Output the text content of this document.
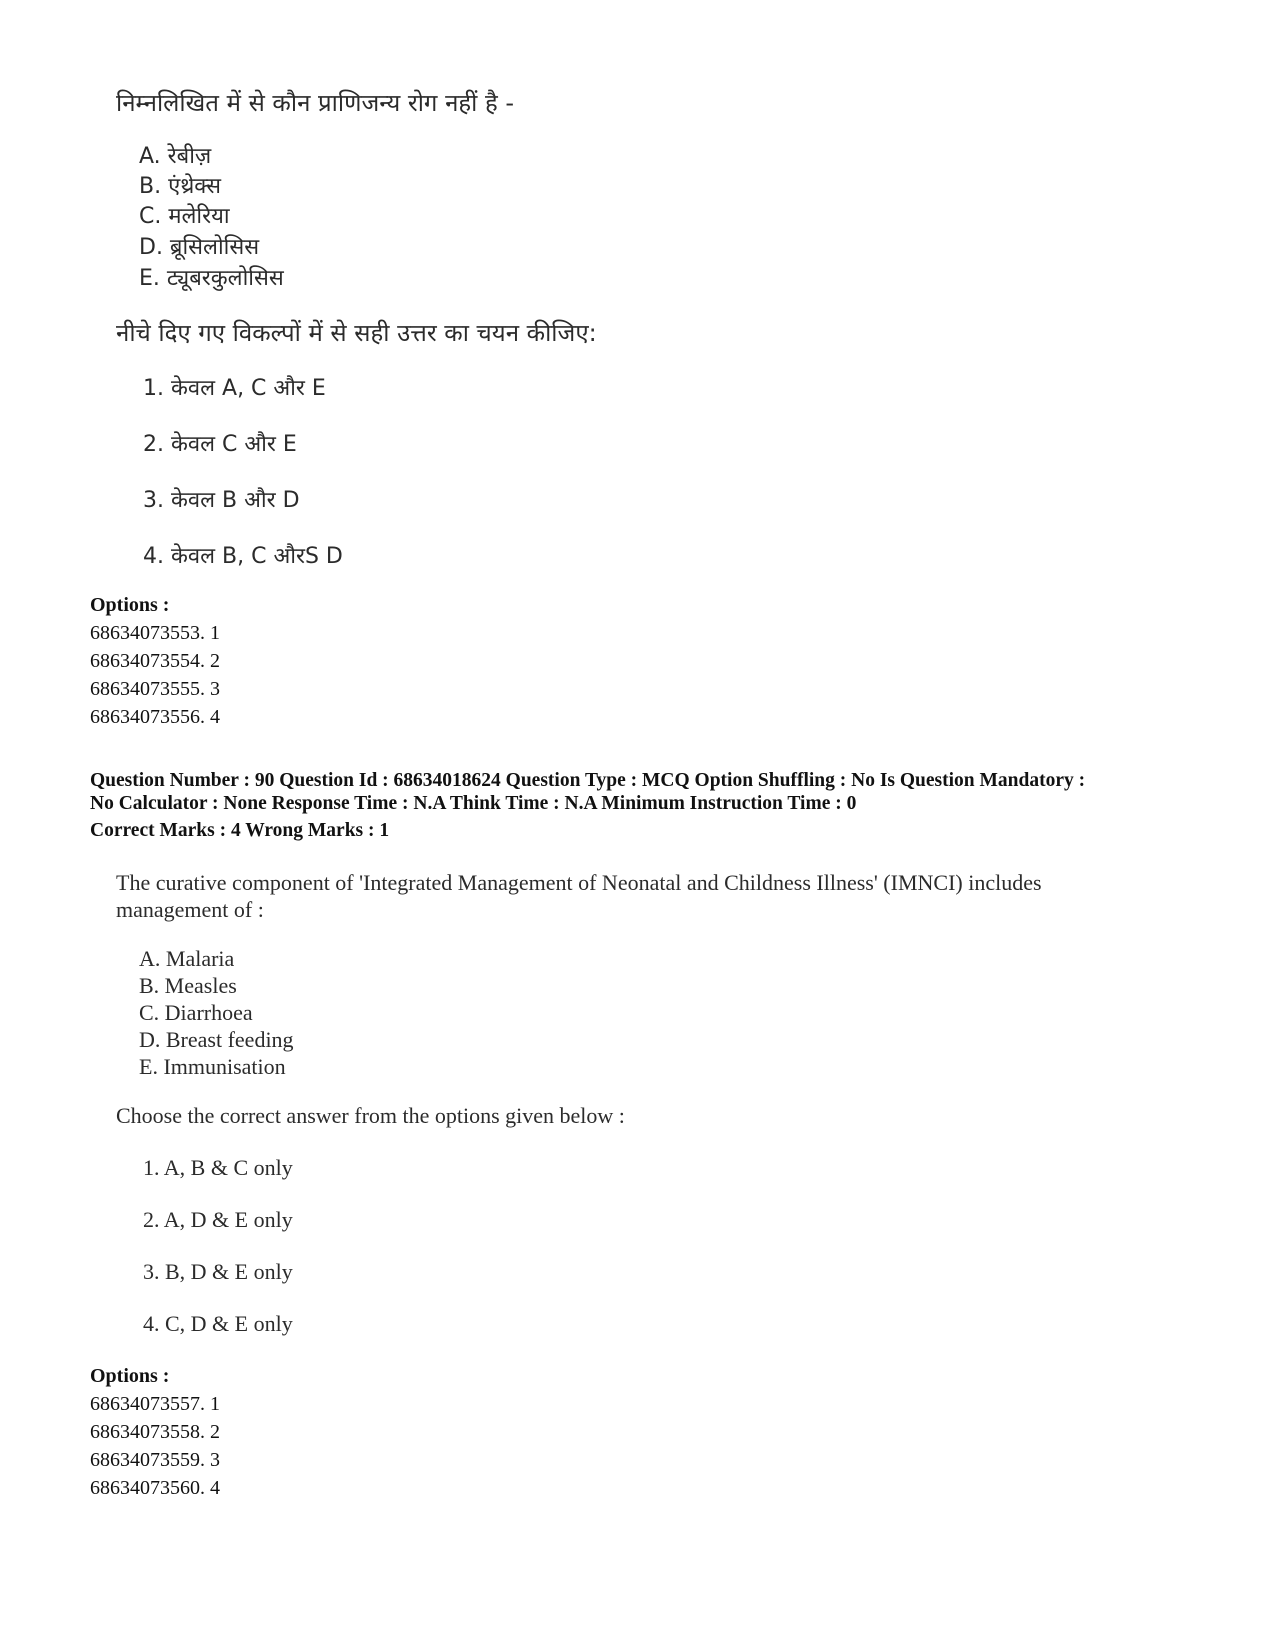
निम्नलिखित में से कौन प्राणिजन्य रोग नहीं है -
A. रेबीज़
B. एंथ्रेक्स
C. मलेरिया
D. ब्रूसिलोसिस
E. ट्यूबरकुलोसिस
नीचे दिए गए विकल्पों में से सही उत्तर का चयन कीजिए:
1. केवल A, C और E
2. केवल C और E
3. केवल B और D
4. केवल B, C औरS D
Options :
68634073553. 1
68634073554. 2
68634073555. 3
68634073556. 4
Question Number : 90 Question Id : 68634018624 Question Type : MCQ Option Shuffling : No Is Question Mandatory :
No Calculator : None Response Time : N.A Think Time : N.A Minimum Instruction Time : 0
Correct Marks : 4 Wrong Marks : 1
The curative component of 'Integrated Management of Neonatal and Childness Illness' (IMNCI) includes
management of :
A. Malaria
B. Measles
C. Diarrhoea
D. Breast feeding
E. Immunisation
Choose the correct answer from the options given below :
1. A, B & C only
2. A, D & E only
3. B, D & E only
4. C, D & E only
Options :
68634073557. 1
68634073558. 2
68634073559. 3
68634073560. 4
